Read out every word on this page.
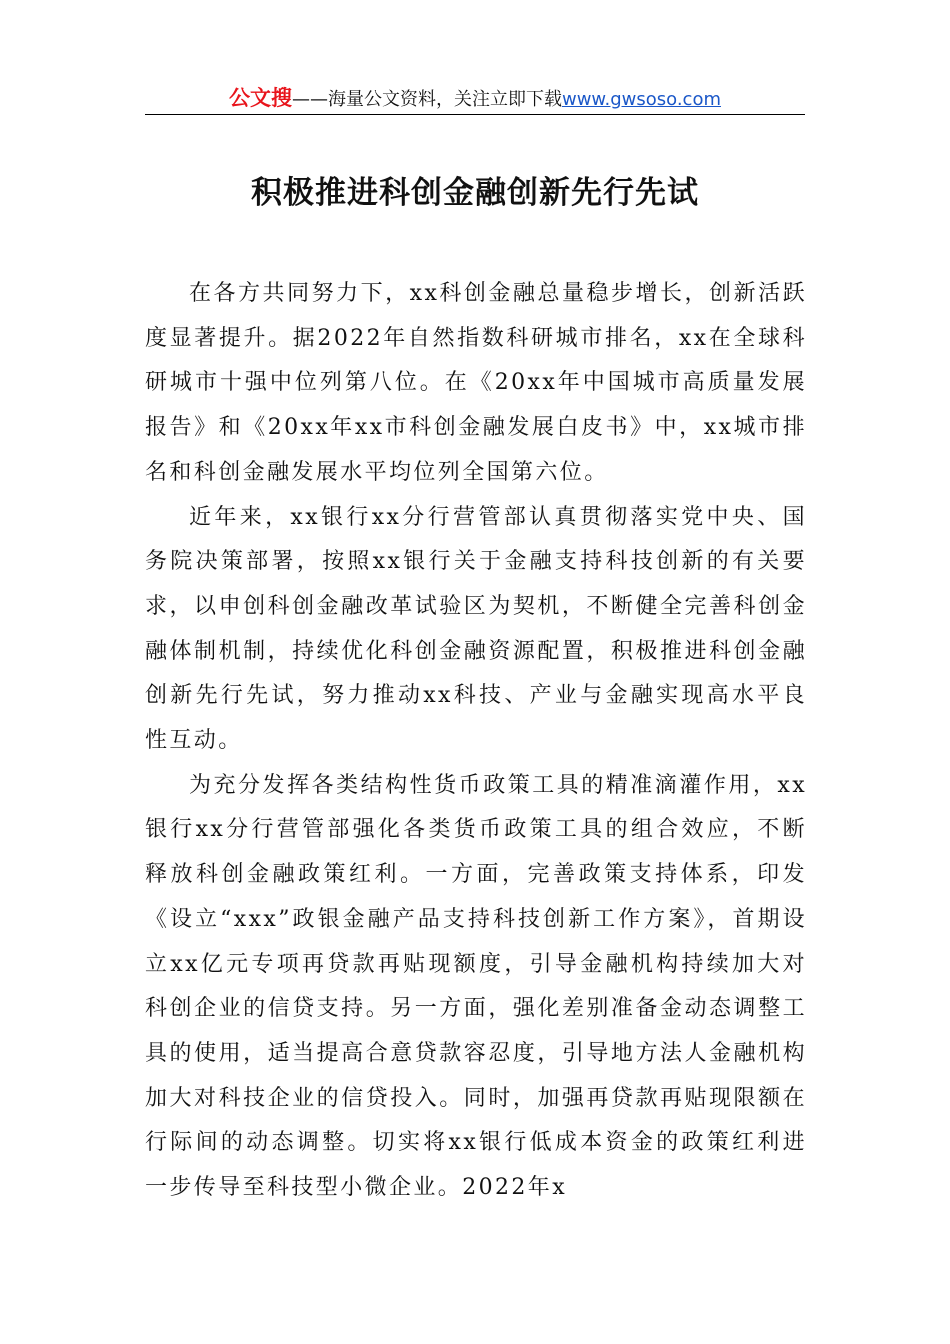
公文搜——海量公文资料，关注立即下载www.gwsoso.com
积极推进科创金融创新先行先试

在各方共同努力下，xx科创金融总量稳步增长，创新活跃度显著提升。据2022年自然指数科研城市排名，xx在全球科研城市十强中位列第八位。在《20xx年中国城市高质量发展报告》和《20xx年xx市科创金融发展白皮书》中，xx城市排名和科创金融发展水平均位列全国第六位。

近年来，xx银行xx分行营管部认真贯彻落实党中央、国务院决策部署，按照xx银行关于金融支持科技创新的有关要求，以申创科创金融改革试验区为契机，不断健全完善科创金融体制机制，持续优化科创金融资源配置，积极推进科创金融创新先行先试，努力推动xx科技、产业与金融实现高水平良性互动。

为充分发挥各类结构性货币政策工具的精准滴灌作用，xx银行xx分行营管部强化各类货币政策工具的组合效应，不断释放科创金融政策红利。一方面，完善政策支持体系，印发《设立“xxx”政银金融产品支持科技创新工作方案》，首期设立xx亿元专项再贷款再贴现额度，引导金融机构持续加大对科创企业的信贷支持。另一方面，强化差别准备金动态调整工具的使用，适当提高合意贷款容忍度，引导地方法人金融机构加大对科技企业的信贷投入。同时，加强再贷款再贴现限额在行际间的动态调整。切实将xx银行低成本资金的政策红利进一步传导至科技型小微企业。2022年x
